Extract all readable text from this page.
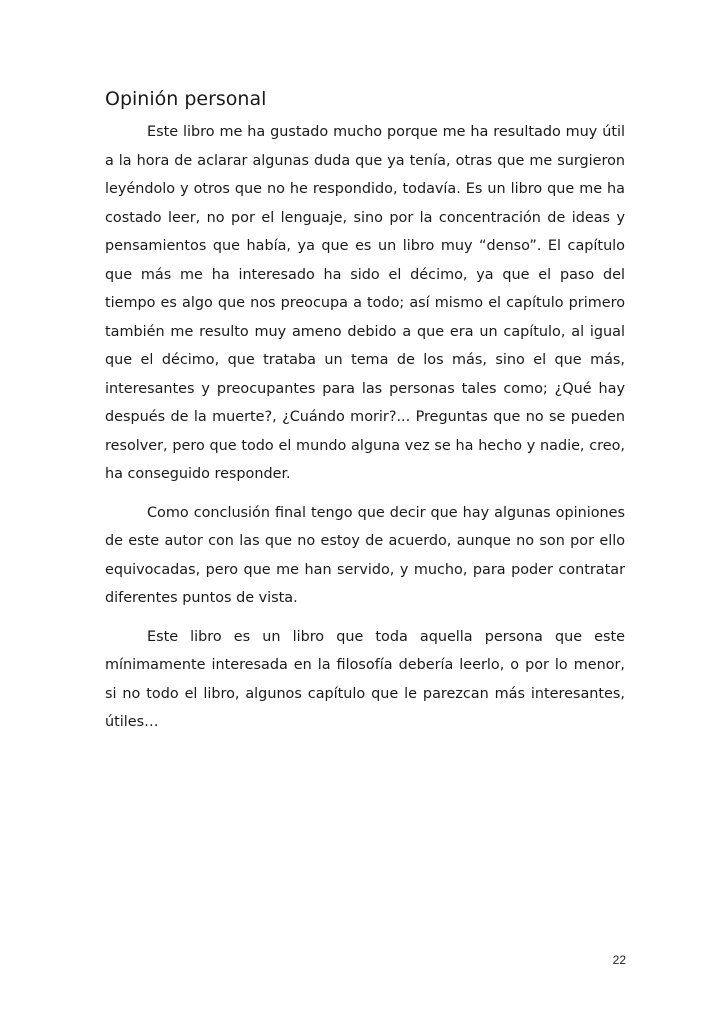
Opinión personal

Este libro me ha gustado mucho porque me ha resultado muy útil a la hora de aclarar algunas duda que ya tenía, otras que me surgieron leyéndolo y otros que no he respondido, todavía. Es un libro que me ha costado leer, no por el lenguaje, sino por la concentración de ideas y pensamientos que había, ya que es un libro muy “denso”. El capítulo que más me ha interesado ha sido el décimo, ya que el paso del tiempo es algo que nos preocupa a todo; así mismo el capítulo primero también me resulto muy ameno debido a que era un capítulo, al igual que el décimo, que trataba un tema de los más, sino el que más, interesantes y preocupantes para las personas tales como; ¿Qué hay después de la muerte?, ¿Cuándo morir?... Preguntas que no se pueden resolver, pero que todo el mundo alguna vez se ha hecho y nadie, creo, ha conseguido responder.

Como conclusión final tengo que decir que hay algunas opiniones de este autor con las que no estoy de acuerdo, aunque no son por ello equivocadas, pero que me han servido, y mucho, para poder contratar diferentes puntos de vista.

Este libro es un libro que toda aquella persona que este mínimamente interesada en la filosofía debería leerlo, o por lo menor, si no todo el libro, algunos capítulo que le parezcan más interesantes, útiles…

22
